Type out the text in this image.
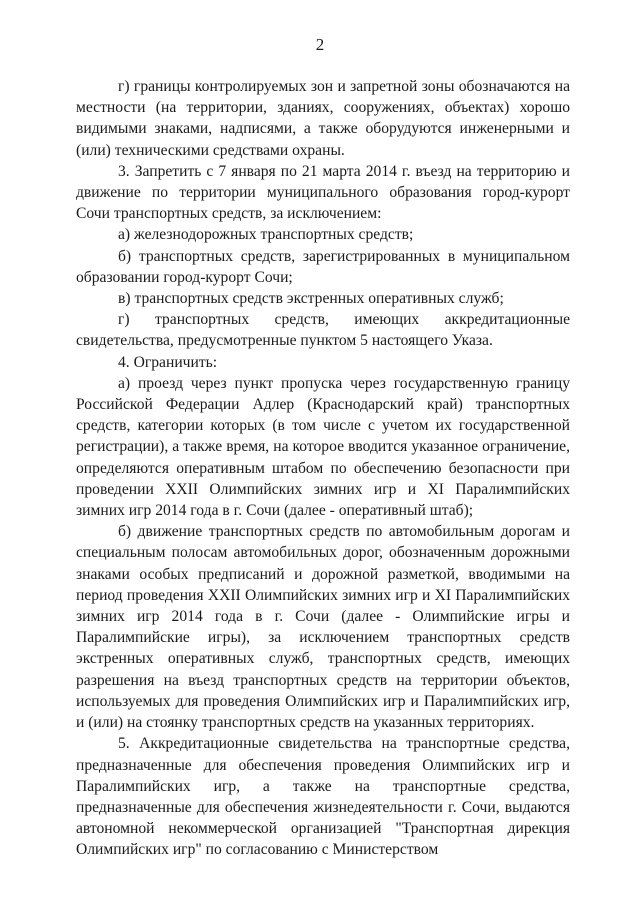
2

г) границы контролируемых зон и запретной зоны обозначаются на местности (на территории, зданиях, сооружениях, объектах) хорошо видимыми знаками, надписями, а также оборудуются инженерными и (или) техническими средствами охраны.

3. Запретить с 7 января по 21 марта 2014 г. въезд на территорию и движение по территории муниципального образования город-курорт Сочи транспортных средств, за исключением:

а) железнодорожных транспортных средств;

б) транспортных средств, зарегистрированных в муниципальном образовании город-курорт Сочи;

в) транспортных средств экстренных оперативных служб;

г) транспортных средств, имеющих аккредитационные свидетельства, предусмотренные пунктом 5 настоящего Указа.

4. Ограничить:

а) проезд через пункт пропуска через государственную границу Российской Федерации Адлер (Краснодарский край) транспортных средств, категории которых (в том числе с учетом их государственной регистрации), а также время, на которое вводится указанное ограничение, определяются оперативным штабом по обеспечению безопасности при проведении XXII Олимпийских зимних игр и XI Паралимпийских зимних игр 2014 года в г. Сочи (далее - оперативный штаб);

б) движение транспортных средств по автомобильным дорогам и специальным полосам автомобильных дорог, обозначенным дорожными знаками особых предписаний и дорожной разметкой, вводимыми на период проведения XXII Олимпийских зимних игр и XI Паралимпийских зимних игр 2014 года в г. Сочи (далее - Олимпийские игры и Паралимпийские игры), за исключением транспортных средств экстренных оперативных служб, транспортных средств, имеющих разрешения на въезд транспортных средств на территории объектов, используемых для проведения Олимпийских игр и Паралимпийских игр, и (или) на стоянку транспортных средств на указанных территориях.

5. Аккредитационные свидетельства на транспортные средства, предназначенные для обеспечения проведения Олимпийских игр и Паралимпийских игр, а также на транспортные средства, предназначенные для обеспечения жизнедеятельности г. Сочи, выдаются автономной некоммерческой организацией "Транспортная дирекция Олимпийских игр" по согласованию с Министерством
